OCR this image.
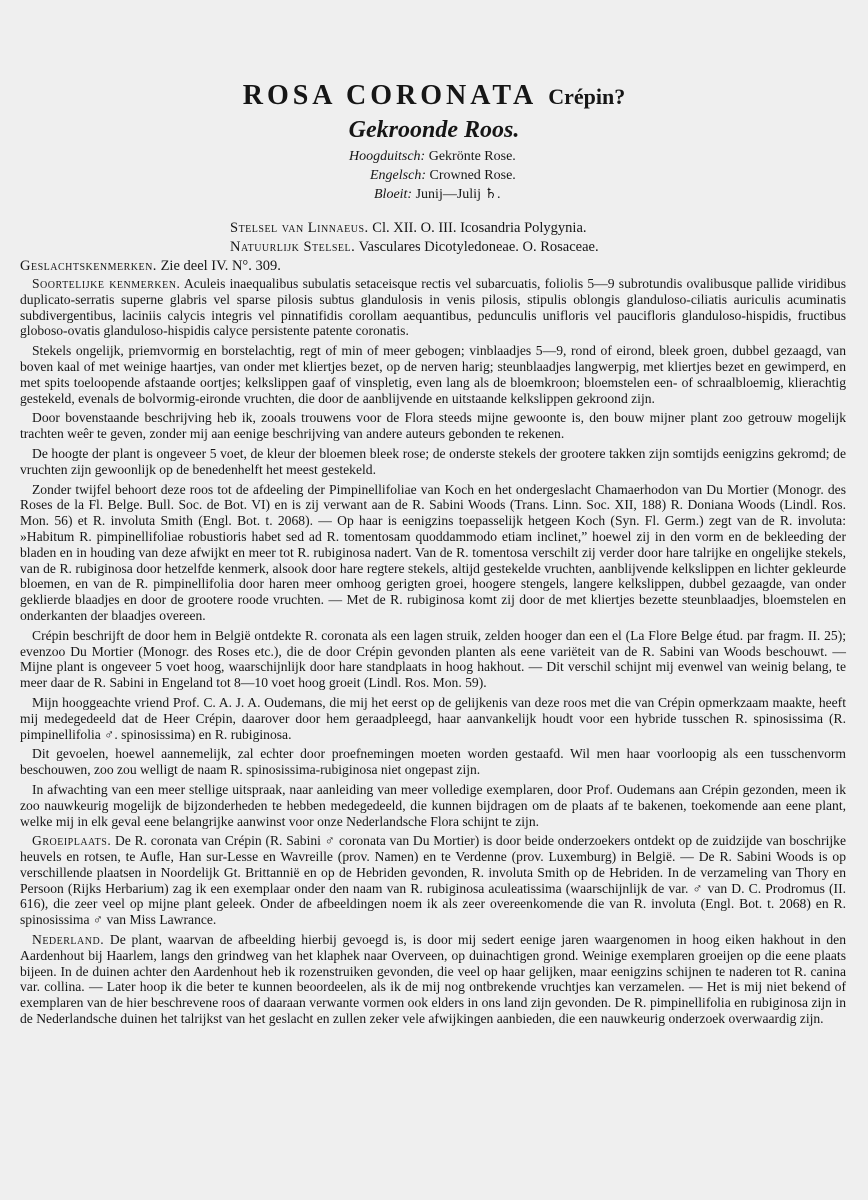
ROSA CORONATA Crépin?
Gekroonde Roos.
Hoogduitsch: Gekrönte Rose.
Engelsch: Crowned Rose.
Bloeit: Junij—Julij ♄.
Stelsel van Linnaeus. Cl. XII. O. III. Icosandria Polygynia.
Natuurlijk Stelsel. Vasculares Dicotyledoneae. O. Rosaceae.
Geslachtskenmerken. Zie deel IV. N°. 309.

Soortelijke kenmerken. Aculeis inaequalibus subulatis setaceisque rectis vel subarcuatis, foliolis 5—9 subrotundis ovalibusque pallide viridibus duplicato-serratis superne glabris vel sparse pilosis subtus glandulosis in venis pilosis, stipulis oblongis glanduloso-ciliatis auriculis acuminatis subdivergentibus, laciniis calycis integris vel pinnatifidis corollam aequantibus, pedunculis unifloris vel paucifloris glanduloso-hispidis, fructibus globoso-ovatis glanduloso-hispidis calyce persistente patente coronatis.

Stekels ongelijk, priemvormig en borstelachtig, regt of min of meer gebogen; vinblaadjes 5—9, rond of eirond, bleek groen, dubbel gezaagd, van boven kaal of met weinige haartjes, van onder met kliertjes bezet, op de nerven harig; steunblaadjes langwerpig, met kliertjes bezet en gewimperd, en met spits toeloopende afstaande oortjes; kelkslippen gaaf of vinspletig, even lang als de bloemkroon; bloemstelen een- of schraalbloemig, klierachtig gestekeld, evenals de bolvormig-eironde vruchten, die door de aanblijvende en uitstaande kelkslippen gekroond zijn.

Door bovenstaande beschrijving heb ik, zooals trouwens voor de Flora steeds mijne gewoonte is, den bouw mijner plant zoo getrouw mogelijk trachten weêr te geven, zonder mij aan eenige beschrijving van andere auteurs gebonden te rekenen.

De hoogte der plant is ongeveer 5 voet, de kleur der bloemen bleek rose; de onderste stekels der grootere takken zijn somtijds eenigzins gekromd; de vruchten zijn gewoonlijk op de benedenhelft het meest gestekeld.

Zonder twijfel behoort deze roos tot de afdeeling der Pimpinellifoliae van Koch en het ondergeslacht Chamaerhodon van Du Mortier (Monogr. des Roses de la Fl. Belge. Bull. Soc. de Bot. VI) en is zij verwant aan de R. Sabini Woods (Trans. Linn. Soc. XII, 188) R. Doniana Woods (Lindl. Ros. Mon. 56) et R. involuta Smith (Engl. Bot. t. 2068). — Op haar is eenigzins toepasselijk hetgeen Koch (Syn. Fl. Germ.) zegt van de R. involuta: »Habitum R. pimpinellifoliae robustioris habet sed ad R. tomentosam quoddammodo etiam inclinet,” hoewel zij in den vorm en de bekleeding der bladen en in houding van deze afwijkt en meer tot R. rubiginosa nadert. Van de R. tomentosa verschilt zij verder door hare talrijke en ongelijke stekels, van de R. rubiginosa door hetzelfde kenmerk, alsook door hare regtere stekels, altijd gestekelde vruchten, aanblijvende kelkslippen en lichter gekleurde bloemen, en van de R. pimpinellifolia door haren meer omhoog gerigten groei, hoogere stengels, langere kelkslippen, dubbel gezaagde, van onder geklierde blaadjes en door de grootere roode vruchten. — Met de R. rubiginosa komt zij door de met kliertjes bezette steunblaadjes, bloemstelen en onderkanten der blaadjes overeen.

Crépin beschrijft de door hem in België ontdekte R. coronata als een lagen struik, zelden hooger dan een el (La Flore Belge étud. par fragm. II. 25); evenzoo Du Mortier (Monogr. des Roses etc.), die de door Crépin gevonden planten als eene variëteit van de R. Sabini van Woods beschouwt. — Mijne plant is ongeveer 5 voet hoog, waarschijnlijk door hare standplaats in hoog hakhout. — Dit verschil schijnt mij evenwel van weinig belang, te meer daar de R. Sabini in Engeland tot 8—10 voet hoog groeit (Lindl. Ros. Mon. 59).

Mijn hooggeachte vriend Prof. C. A. J. A. Oudemans, die mij het eerst op de gelijkenis van deze roos met die van Crépin opmerkzaam maakte, heeft mij medegedeeld dat de Heer Crépin, daarover door hem geraadpleegd, haar aanvankelijk houdt voor een hybride tusschen R. spinosissima (R. pimpinellifolia ♂. spinosissima) en R. rubiginosa.

Dit gevoelen, hoewel aannemelijk, zal echter door proefnemingen moeten worden gestaafd. Wil men haar voorloopig als een tusschenvorm beschouwen, zoo zou welligt de naam R. spinosissima-rubiginosa niet ongepast zijn.

In afwachting van een meer stellige uitspraak, naar aanleiding van meer volledige exemplaren, door Prof. Oudemans aan Crépin gezonden, meen ik zoo nauwkeurig mogelijk de bijzonderheden te hebben medegedeeld, die kunnen bijdragen om de plaats af te bakenen, toekomende aan eene plant, welke mij in elk geval eene belangrijke aanwinst voor onze Nederlandsche Flora schijnt te zijn.

Groeiplaats. De R. coronata van Crépin (R. Sabini ♂ coronata van Du Mortier) is door beide onderzoekers ontdekt op de zuidzijde van boschrijke heuvels en rotsen, te Aufle, Han sur-Lesse en Wavreille (prov. Namen) en te Verdenne (prov. Luxemburg) in België. — De R. Sabini Woods is op verschillende plaatsen in Noordelijk Gt. Brittannië en op de Hebriden gevonden, R. involuta Smith op de Hebriden. In de verzameling van Thory en Persoon (Rijks Herbarium) zag ik een exemplaar onder den naam van R. rubiginosa aculeatissima (waarschijnlijk de var. ♂ van D. C. Prodromus (II. 616), die zeer veel op mijne plant geleek. Onder de afbeeldingen noem ik als zeer overeenkomende die van R. involuta (Engl. Bot. t. 2068) en R. spinosissima ♂ van Miss Lawrance.

Nederland. De plant, waarvan de afbeelding hierbij gevoegd is, is door mij sedert eenige jaren waargenomen in hoog eiken hakhout in den Aardenhout bij Haarlem, langs den grindweg van het klaphek naar Overveen, op duinachtigen grond. Weinige exemplaren groeijen op die eene plaats bijeen. In de duinen achter den Aardenhout heb ik rozenstruiken gevonden, die veel op haar gelijken, maar eenigzins schijnen te naderen tot R. canina var. collina. — Later hoop ik die beter te kunnen beoordeelen, als ik de mij nog ontbrekende vruchtjes kan verzamelen. — Het is mij niet bekend of exemplaren van de hier beschrevene roos of daaraan verwante vormen ook elders in ons land zijn gevonden. De R. pimpinellifolia en rubiginosa zijn in de Nederlandsche duinen het talrijkst van het geslacht en zullen zeker vele afwijkingen aanbieden, die een nauwkeurig onderzoek overwaardig zijn.
